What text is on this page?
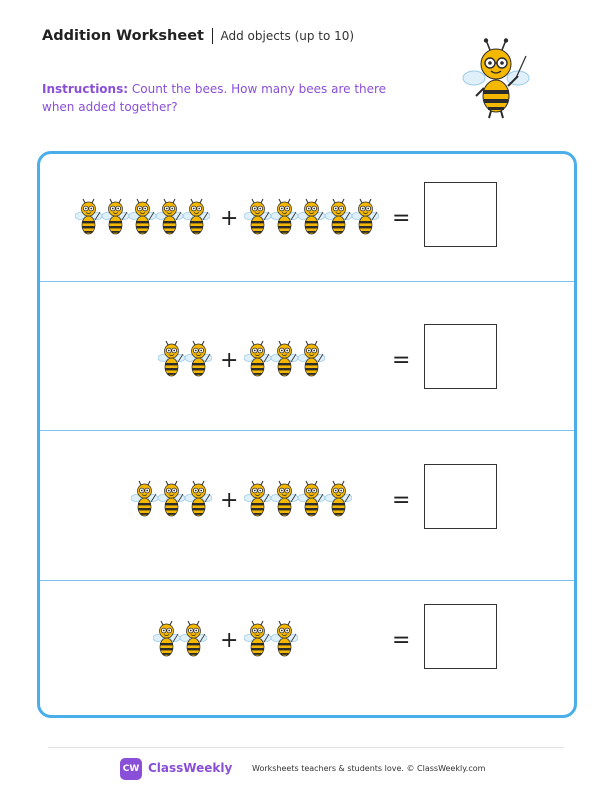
Addition Worksheet Add objects (up to 10)
Instructions: Count the bees. How many bees are there when added together?
+	=
+	=
+	=
+	=
CW ClassWeekly Worksheets teachers & students love. © ClassWeekly.com
